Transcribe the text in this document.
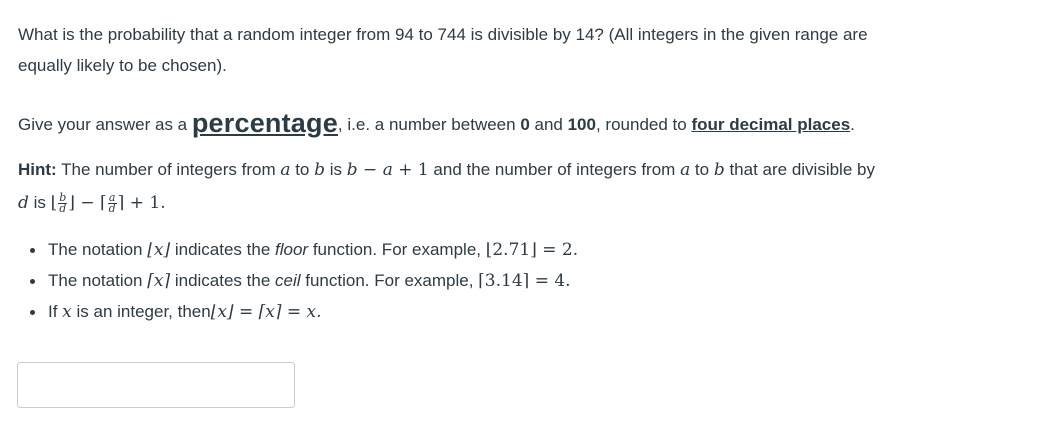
What is the probability that a random integer from 94 to 744 is divisible by 14? (All integers in the given range are
equally likely to be chosen).
Give your answer as a percentage, i.e. a number between 0 and 100, rounded to four decimal places.
Hint: The number of integers from a to b is b − a + 1 and the number of integers from a to b that are divisible by
d is ⌊ $\frac{b}{d}$ ⌋ − ⌈ $\frac{a}{d}$ ⌉ + 1.
The notation ⌊x⌋ indicates the floor function. For example, ⌊2.71⌋ = 2.
The notation ⌈x⌉ indicates the ceil function. For example, ⌈3.14⌉ = 4.
If x is an integer, then⌊x⌋ = ⌈x⌉ = x.
